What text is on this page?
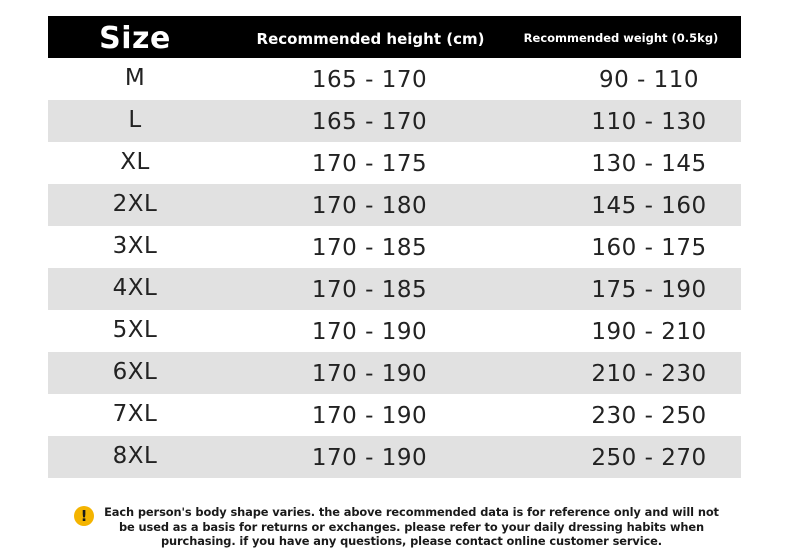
Size	Recommended height (cm)	Recommended weight (0.5kg)
M	165 - 170	90 - 110
L	165 - 170	110 - 130
XL	170 - 175	130 - 145
2XL	170 - 180	145 - 160
3XL	170 - 185	160 - 175
4XL	170 - 185	175 - 190
5XL	170 - 190	190 - 210
6XL	170 - 190	210 - 230
7XL	170 - 190	230 - 250
8XL	170 - 190	250 - 270
!	Each person's body shape varies. the above recommended data is for reference only and will not be used as a basis for returns or exchanges. please refer to your daily dressing habits when purchasing. if you have any questions, please contact online customer service.
